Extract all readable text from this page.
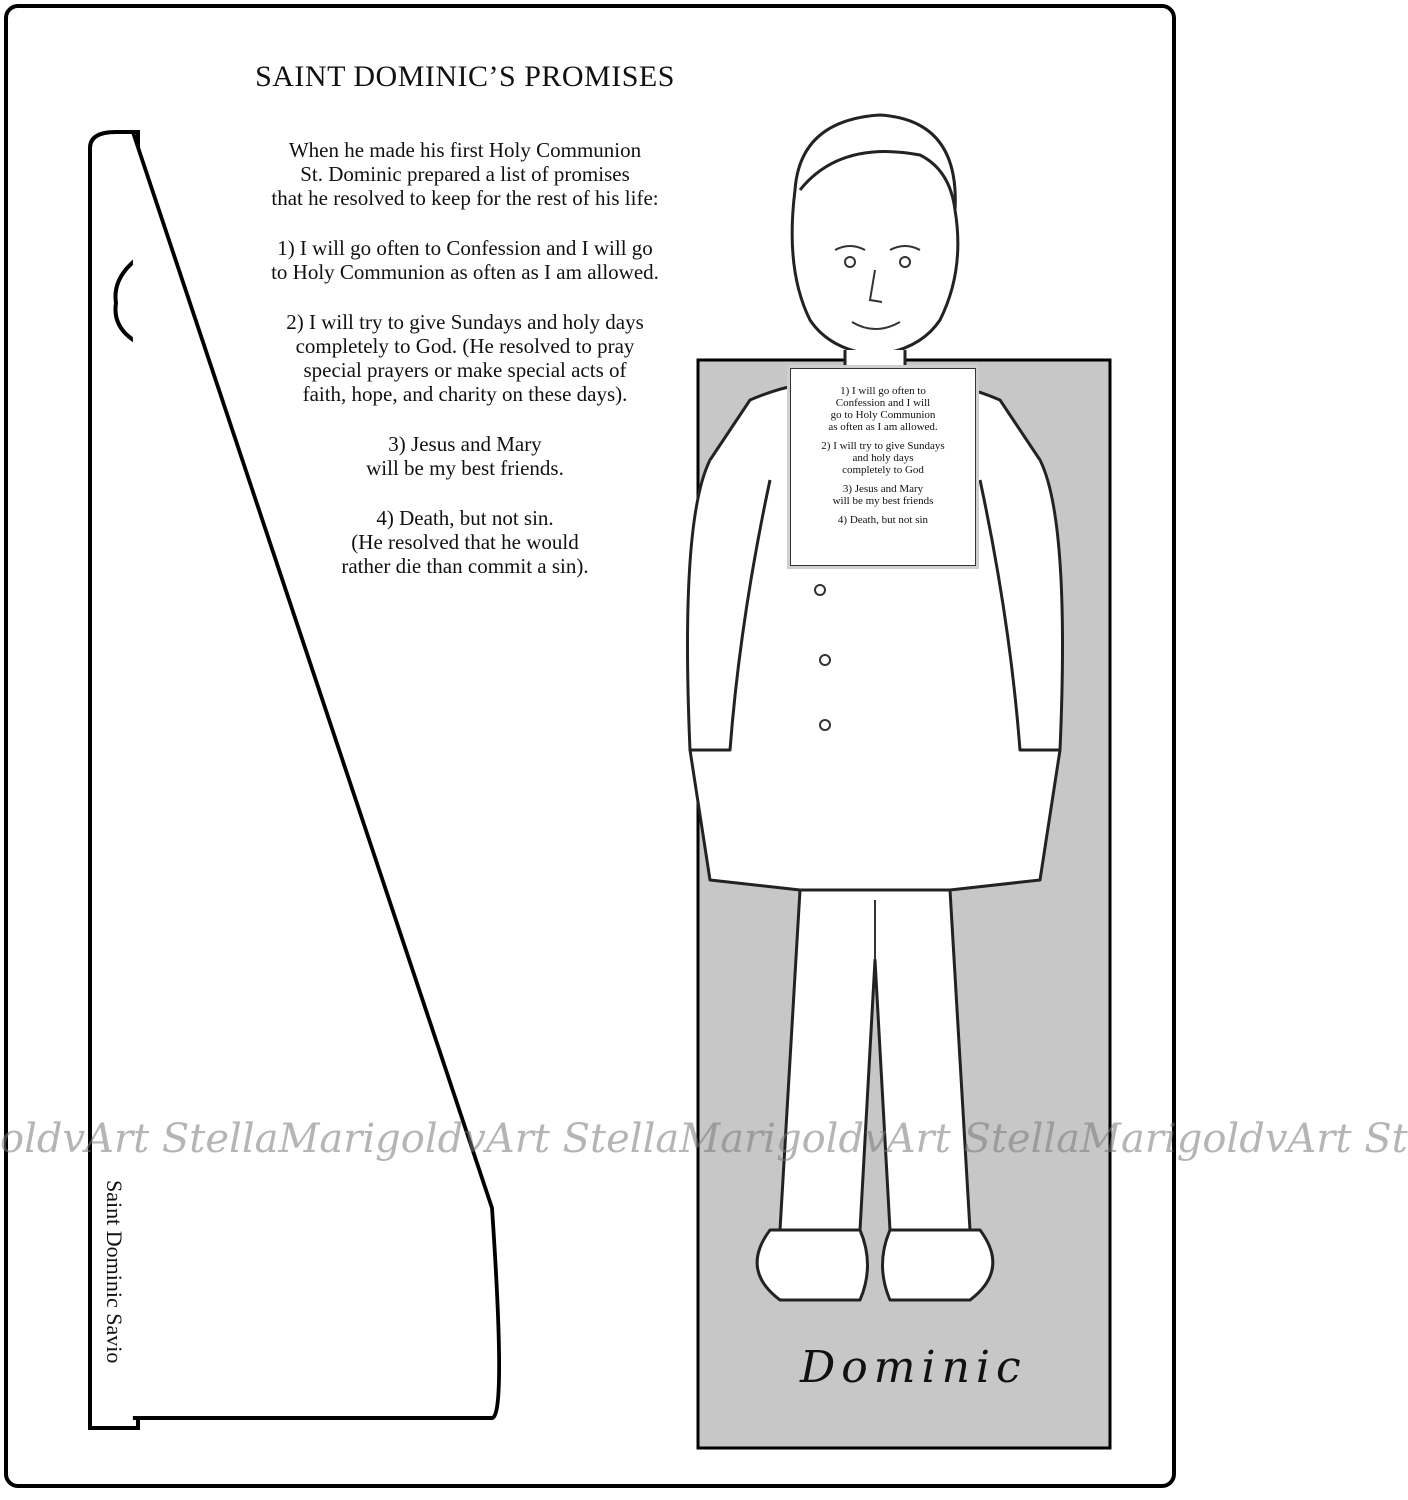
SAINT DOMINIC’S PROMISES

When he made his first Holy Communion
St. Dominic prepared a list of promises
that he resolved to keep for the rest of his life:

1) I will go often to Confession and I will go
to Holy Communion as often as I am allowed.

2) I will try to give Sundays and holy days
completely to God. (He resolved to pray
special prayers or make special acts of
faith, hope, and charity on these days).

3) Jesus and Mary
will be my best friends.

4) Death, but not sin.
(He resolved that he would
rather die than commit a sin).

Saint Dominic Savio

1) I will go often to
Confession and I will
go to Holy Communion
as often as I am allowed.

2) I will try to give Sundays
and holy days
completely to God

3) Jesus and Mary
will be my best friends

4) Death, but not sin

oldvArt StellaMarigoldvArt StellaMarigoldvArt StellaMarigoldvArt St
Dominic
